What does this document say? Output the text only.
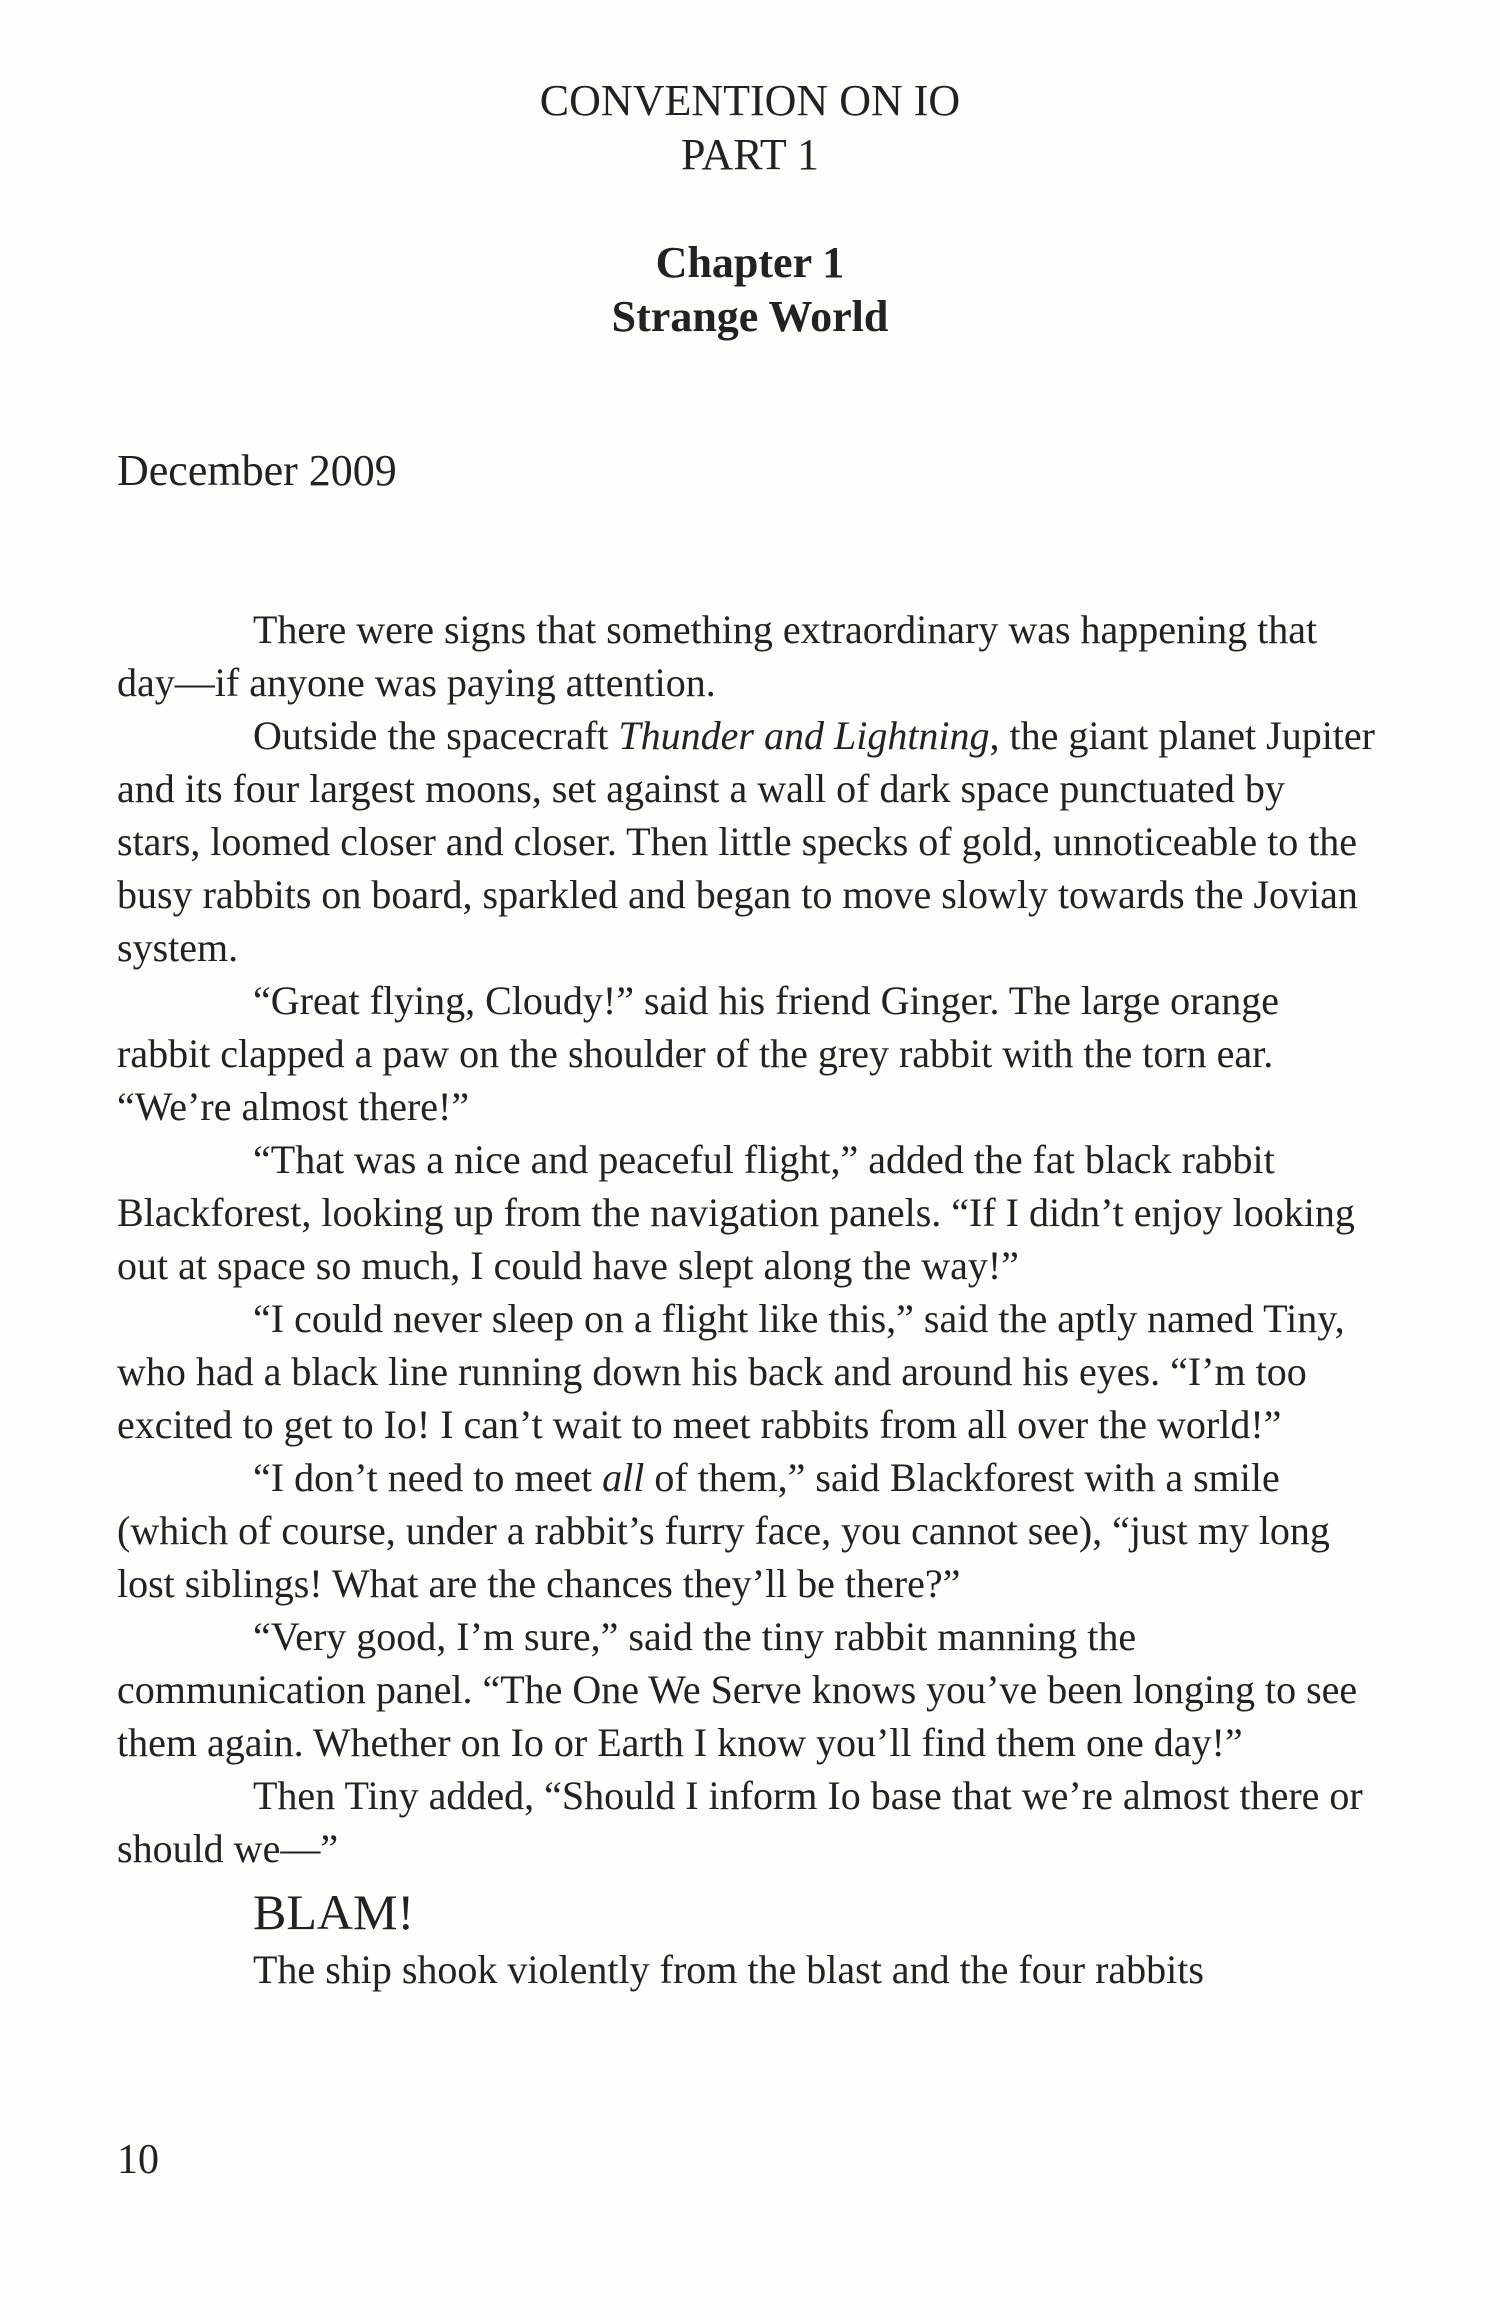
CONVENTION ON IO
PART 1
Chapter 1
Strange World

December 2009

There were signs that something extraordinary was happening that day—if anyone was paying attention.

Outside the spacecraft Thunder and Lightning, the giant planet Jupiter and its four largest moons, set against a wall of dark space punctuated by stars, loomed closer and closer. Then little specks of gold, unnoticeable to the busy rabbits on board, sparkled and began to move slowly towards the Jovian system.

“Great flying, Cloudy!” said his friend Ginger. The large orange rabbit clapped a paw on the shoulder of the grey rabbit with the torn ear. “We’re almost there!”

“That was a nice and peaceful flight,” added the fat black rabbit Blackforest, looking up from the navigation panels. “If I didn’t enjoy looking out at space so much, I could have slept along the way!”

“I could never sleep on a flight like this,” said the aptly named Tiny, who had a black line running down his back and around his eyes. “I’m too excited to get to Io! I can’t wait to meet rabbits from all over the world!”

“I don’t need to meet all of them,” said Blackforest with a smile (which of course, under a rabbit’s furry face, you cannot see), “just my long lost siblings! What are the chances they’ll be there?”

“Very good, I’m sure,” said the tiny rabbit manning the communication panel. “The One We Serve knows you’ve been longing to see them again. Whether on Io or Earth I know you’ll find them one day!”

Then Tiny added, “Should I inform Io base that we’re almost there or should we—”

BLAM!

The ship shook violently from the blast and the four rabbits

10
